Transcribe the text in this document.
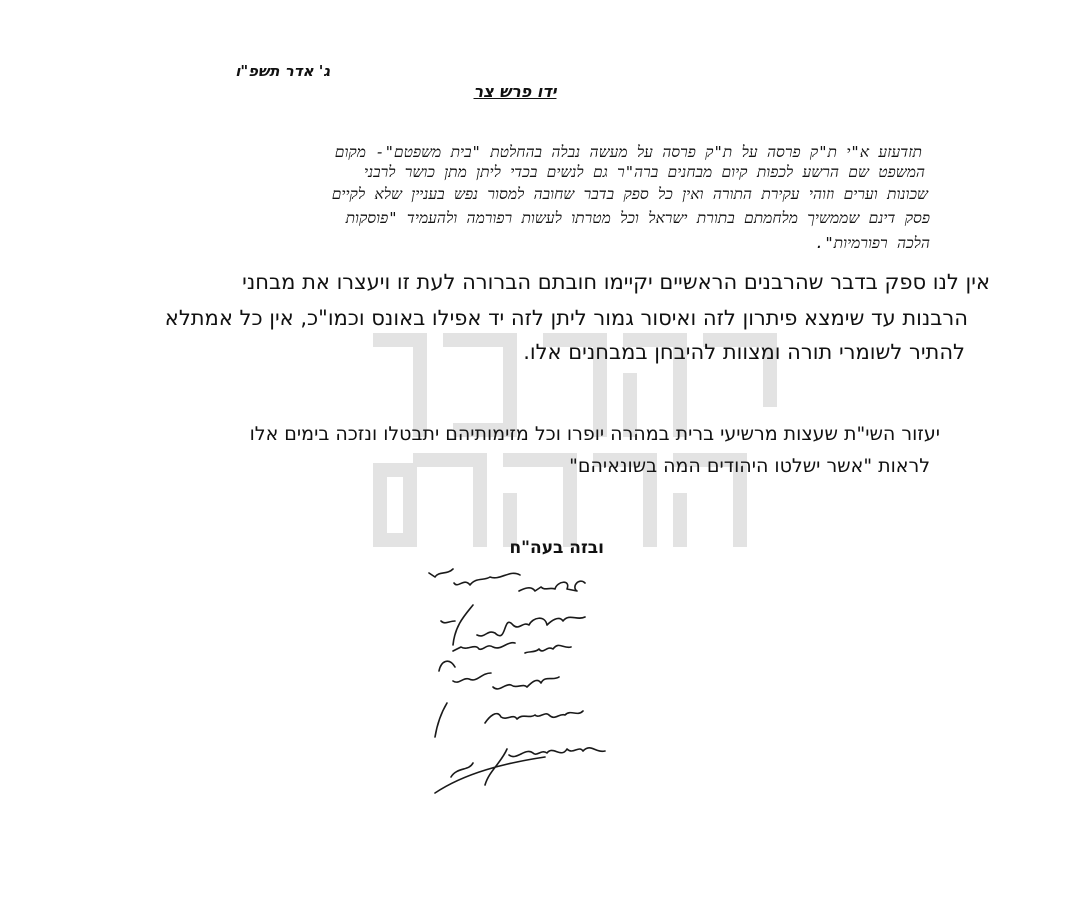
ג' אדר תשפ"ו
ידו פרש צר
תזדעזע א"י ת"ק פרסה על ת"ק פרסה על מעשה נבלה בהחלטת "בית משפטם"- מקום
המשפט שם הרשע לכפות קיום מבחנים ברה"ר גם לנשים בכדי ליתן מתן כושר לרבני
שכונות וערים וזוהי עקירת התורה ואין כל ספק בדבר שחובה למסור נפש בעניין שלא לקיים
פסק דינם שממשיך מלחמתם בתורת ישראל וכל מטרתו לעשות רפורמה ולהעמיד "פוסקות
הלכה רפורמיות".
אין לנו ספק בדבר שהרבנים הראשיים יקיימו חובתם הברורה לעת זו ויעצרו את מבחני
הרבנות עד שימצא פיתרון לזה ואיסור גמור ליתן לזה יד אפילו באונס וכמו"כ, אין כל אמתלא
להתיר לשומרי תורה ומצוות להיבחן במבחנים אלו.
יעזור השי"ת שעצות מרשיעי ברית במהרה יופרו וכל מזימותיהם יתבטלו ונזכה בימים אלו
לראות "אשר ישלטו היהודים המה בשונאיהם"
ובזה בעה"ח
